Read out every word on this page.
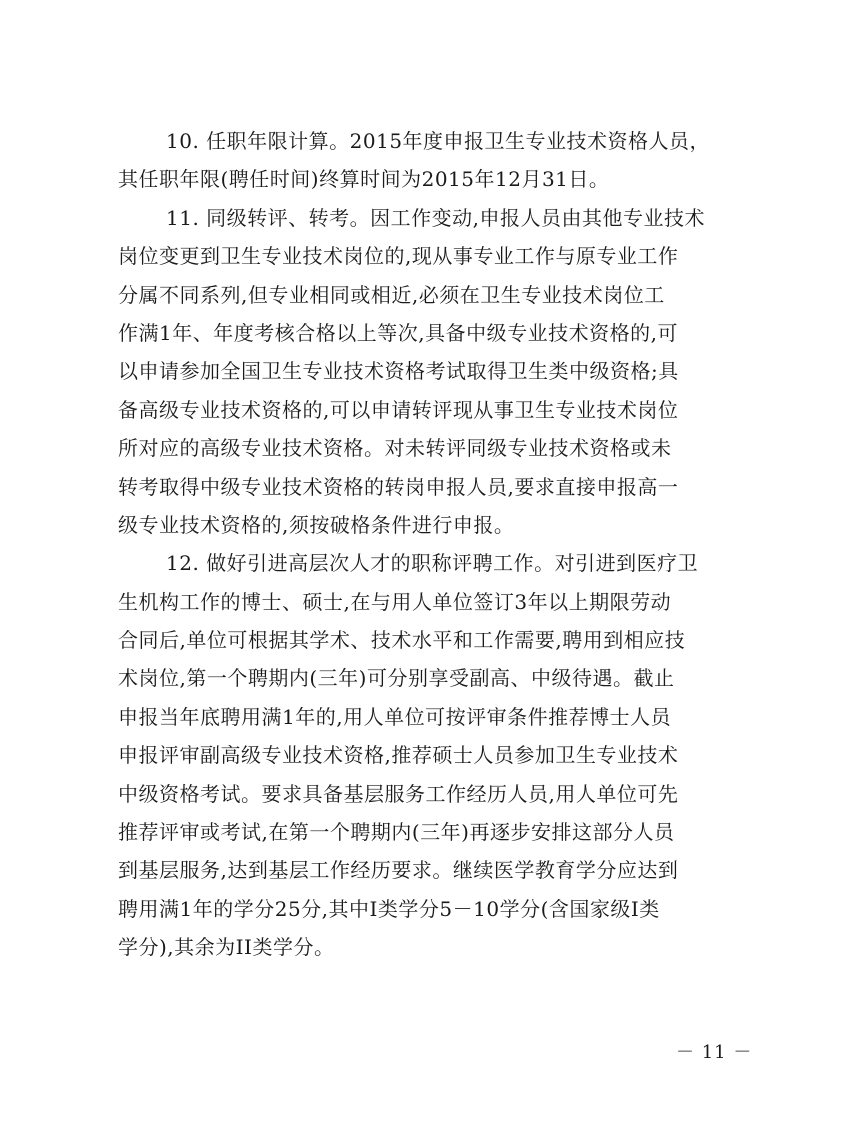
10. 任职年限计算。2015年度申报卫生专业技术资格人员，
其任职年限(聘任时间)终算时间为2015年12月31日。

11. 同级转评、转考。因工作变动,申报人员由其他专业技术
岗位变更到卫生专业技术岗位的,现从事专业工作与原专业工作
分属不同系列,但专业相同或相近,必须在卫生专业技术岗位工
作满1年、年度考核合格以上等次,具备中级专业技术资格的,可
以申请参加全国卫生专业技术资格考试取得卫生类中级资格;具
备高级专业技术资格的,可以申请转评现从事卫生专业技术岗位
所对应的高级专业技术资格。对未转评同级专业技术资格或未
转考取得中级专业技术资格的转岗申报人员,要求直接申报高一
级专业技术资格的,须按破格条件进行申报。

12. 做好引进高层次人才的职称评聘工作。对引进到医疗卫
生机构工作的博士、硕士,在与用人单位签订3年以上期限劳动
合同后,单位可根据其学术、技术水平和工作需要,聘用到相应技
术岗位,第一个聘期内(三年)可分别享受副高、中级待遇。截止
申报当年底聘用满1年的,用人单位可按评审条件推荐博士人员
申报评审副高级专业技术资格,推荐硕士人员参加卫生专业技术
中级资格考试。要求具备基层服务工作经历人员,用人单位可先
推荐评审或考试,在第一个聘期内(三年)再逐步安排这部分人员
到基层服务,达到基层工作经历要求。继续医学教育学分应达到
聘用满1年的学分25分,其中I类学分5－10学分(含国家级I类
学分),其余为II类学分。

－ 11 －
